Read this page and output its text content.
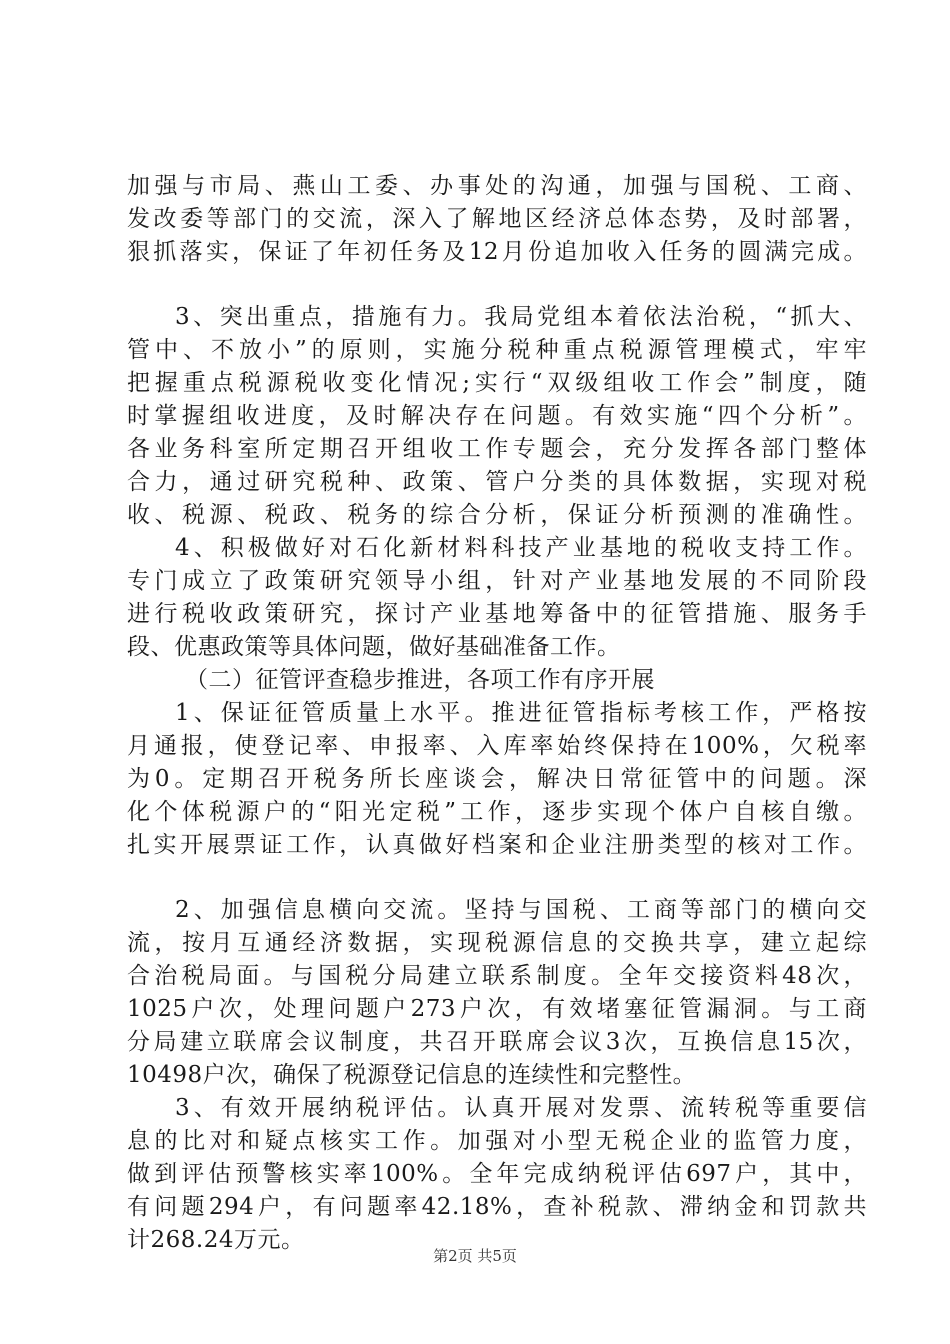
加强与市局、燕山工委、办事处的沟通，加强与国税、工商、
发改委等部门的交流，深入了解地区经济总体态势，及时部署，
狠抓落实，保证了年初任务及12月份追加收入任务的圆满完成。
3、突出重点，措施有力。我局党组本着依法治税，“抓大、
管中、不放小”的原则，实施分税种重点税源管理模式，牢牢
把握重点税源税收变化情况;实行“双级组收工作会”制度，随
时掌握组收进度，及时解决存在问题。有效实施“四个分析”。
各业务科室所定期召开组收工作专题会，充分发挥各部门整体
合力，通过研究税种、政策、管户分类的具体数据，实现对税
收、税源、税政、税务的综合分析，保证分析预测的准确性。
4、积极做好对石化新材料科技产业基地的税收支持工作。
专门成立了政策研究领导小组，针对产业基地发展的不同阶段
进行税收政策研究，探讨产业基地筹备中的征管措施、服务手
段、优惠政策等具体问题，做好基础准备工作。
（二）征管评查稳步推进，各项工作有序开展
1、保证征管质量上水平。推进征管指标考核工作，严格按
月通报，使登记率、申报率、入库率始终保持在100%，欠税率
为0。定期召开税务所长座谈会，解决日常征管中的问题。深
化个体税源户的“阳光定税”工作，逐步实现个体户自核自缴。
扎实开展票证工作，认真做好档案和企业注册类型的核对工作。
2、加强信息横向交流。坚持与国税、工商等部门的横向交
流，按月互通经济数据，实现税源信息的交换共享，建立起综
合治税局面。与国税分局建立联系制度。全年交接资料48次，
1025户次，处理问题户273户次，有效堵塞征管漏洞。与工商
分局建立联席会议制度，共召开联席会议3次，互换信息15次，
10498户次，确保了税源登记信息的连续性和完整性。
3、有效开展纳税评估。认真开展对发票、流转税等重要信
息的比对和疑点核实工作。加强对小型无税企业的监管力度，
做到评估预警核实率100%。全年完成纳税评估697户，其中，
有问题294户，有问题率42.18%，查补税款、滞纳金和罚款共
计268.24万元。
第2页 共5页
